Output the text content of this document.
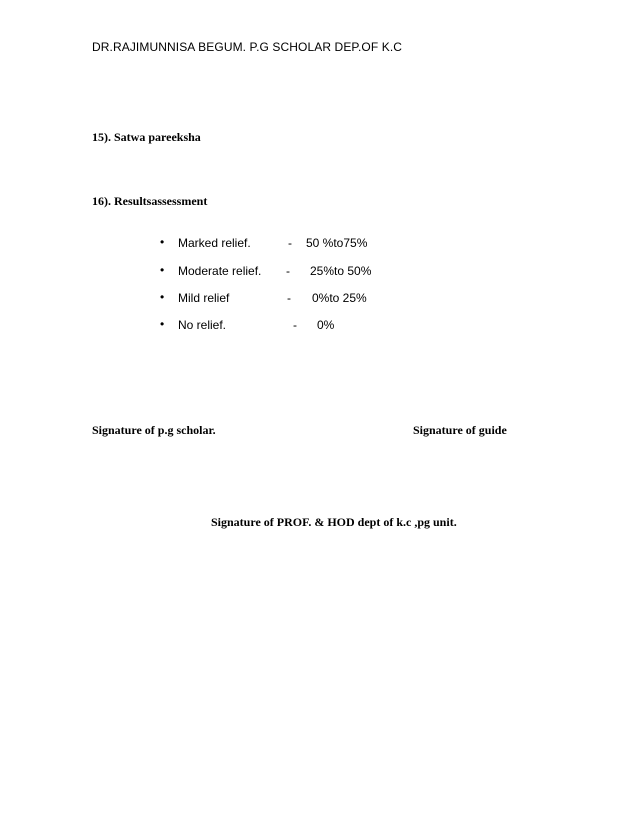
DR.RAJIMUNNISA BEGUM. P.G SCHOLAR DEP.OF K.C
15). Satwa pareeksha
16). Resultsassessment
• Marked relief.	- 50 %to75%
• Moderate relief. - 25%to 50%
• Mild relief	- 0%to 25%
• No relief.	- 0%
Signature of p.g scholar.	Signature of guide
Signature of PROF. & HOD dept of k.c ,pg unit.
